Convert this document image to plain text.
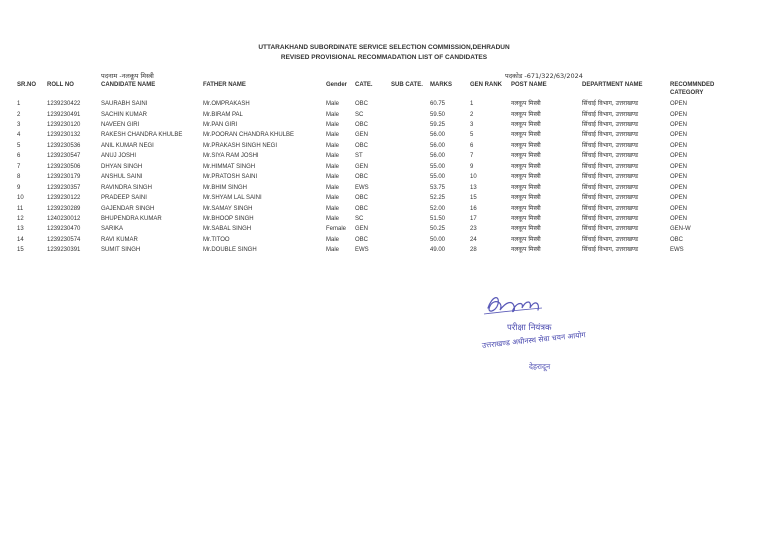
UTTARAKHAND SUBORDINATE SERVICE SELECTION COMMISSION,DEHRADUN
REVISED PROVISIONAL RECOMMADATION LIST OF CANDIDATES
पदनाम -नलकूप मिस्त्री	पदकोड -671/322/63/2024
SR.NO ROLL NO	CANDIDATE NAME	FATHER NAME	Gender CATE.	SUB CATE. MARKS	GEN RANK POST NAME	DEPARTMENT NAME	RECOMMNDED
CATEGORY
1	1239230422	SAURABH SAINI	Mr.OMPRAKASH	Male	OBC	60.75	1	नलकूप मिस्त्री	सिंचाई विभाग, उत्तराखण्ड	OPEN
2	1239230491	SACHIN KUMAR	Mr.BIRAM PAL	Male	SC	59.50	2	नलकूप मिस्त्री	सिंचाई विभाग, उत्तराखण्ड	OPEN
3	1239230120	NAVEEN GIRI	Mr.PAN GIRI	Male	OBC	59.25	3	नलकूप मिस्त्री	सिंचाई विभाग, उत्तराखण्ड	OPEN
4	1239230132	RAKESH CHANDRA KHULBE	Mr.POORAN CHANDRA KHULBE	Male	GEN	56.00	5	नलकूप मिस्त्री	सिंचाई विभाग, उत्तराखण्ड	OPEN
5	1239230536	ANIL KUMAR NEGI	Mr.PRAKASH SINGH NEGI	Male	OBC	56.00	6	नलकूप मिस्त्री	सिंचाई विभाग, उत्तराखण्ड	OPEN
6	1239230547	ANUJ JOSHI	Mr.SIYA RAM JOSHI	Male	ST	56.00	7	नलकूप मिस्त्री	सिंचाई विभाग, उत्तराखण्ड	OPEN
7	1239230506	DHYAN SINGH	Mr.HIMMAT SINGH	Male	GEN	55.00	9	नलकूप मिस्त्री	सिंचाई विभाग, उत्तराखण्ड	OPEN
8	1239230179	ANSHUL SAINI	Mr.PRATOSH SAINI	Male	OBC	55.00	10	नलकूप मिस्त्री	सिंचाई विभाग, उत्तराखण्ड	OPEN
9	1239230357	RAVINDRA SINGH	Mr.BHIM SINGH	Male	EWS	53.75	13	नलकूप मिस्त्री	सिंचाई विभाग, उत्तराखण्ड	OPEN
10	1239230122	PRADEEP SAINI	Mr.SHYAM LAL SAINI	Male	OBC	52.25	15	नलकूप मिस्त्री	सिंचाई विभाग, उत्तराखण्ड	OPEN
11	1239230289	GAJENDAR SINGH	Mr.SAMAY SINGH	Male	OBC	52.00	16	नलकूप मिस्त्री	सिंचाई विभाग, उत्तराखण्ड	OPEN
12	1240230012	BHUPENDRA KUMAR	Mr.BHOOP SINGH	Male	SC	51.50	17	नलकूप मिस्त्री	सिंचाई विभाग, उत्तराखण्ड	OPEN
13	1239230470	SARIKA	Mr.SABAL SINGH	Female GEN	50.25	23	नलकूप मिस्त्री	सिंचाई विभाग, उत्तराखण्ड	GEN-W
14	1239230574	RAVI KUMAR	Mr.TITOO	Male	OBC	50.00	24	नलकूप मिस्त्री	सिंचाई विभाग, उत्तराखण्ड	OBC
15	1239230391	SUMIT SINGH	Mr.DOUBLE SINGH	Male	EWS	49.00	28	नलकूप मिस्त्री	सिंचाई विभाग, उत्तराखण्ड	EWS
परीक्षा नियंत्रक
उत्तराखण्ड अधीनस्थ सेवा चयन आयोग
देहरादून
